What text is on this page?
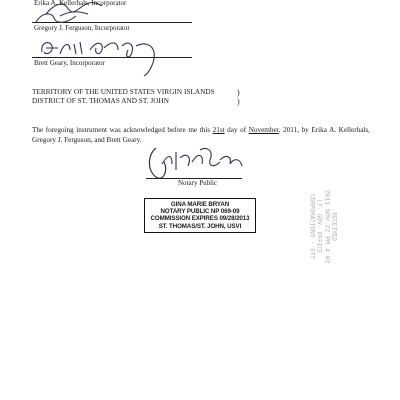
Erika A. Kellerhals, Incorporator
Gregory J. Ferguson, Incorporator
Brett Geary, Incorporator
TERRITORY OF THE UNITED STATES VIRGIN ISLANDS
DISTRICT OF ST. THOMAS AND ST. JOHN
)
)
The foregoing instrument was acknowledged before me this 21st day of November, 2011, by Erika A. Kellerhals, Gregory J. Ferguson, and Brett Geary.
Notary Public
GINA MARIE BRYAN
NOTARY PUBLIC NP 069-09
COMMISSION EXPIRES 09/28/2013
ST. THOMAS/ST. JOHN, USVI	RECEIVED
2011 NOV 22 PM 4 02
LT. GOV. OFFICE
CORPORATIONS - STT
